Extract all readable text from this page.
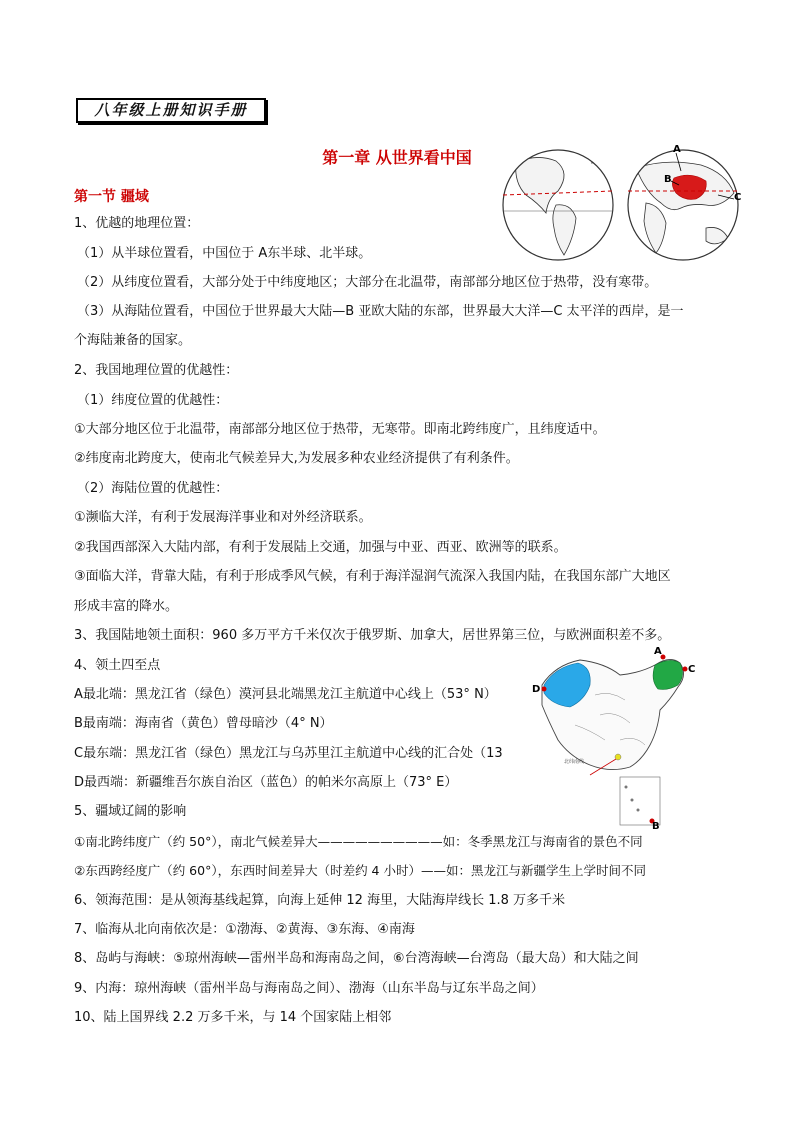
八年级上册知识手册
第一章 从世界看中国
第一节 疆域
A
B
C
A
B
C
D
北纬南线
1、优越的地理位置：
（1）从半球位置看，中国位于 A东半球、北半球。
（2）从纬度位置看，大部分处于中纬度地区；大部分在北温带，南部部分地区位于热带，没有寒带。
（3）从海陆位置看，中国位于世界最大大陆—B 亚欧大陆的东部，世界最大大洋—C 太平洋的西岸，是一
个海陆兼备的国家。
2、我国地理位置的优越性：
（1）纬度位置的优越性：
①大部分地区位于北温带，南部部分地区位于热带，无寒带。即南北跨纬度广，且纬度适中。
②纬度南北跨度大，使南北气候差异大,为发展多种农业经济提供了有利条件。
（2）海陆位置的优越性：
①濒临大洋，有利于发展海洋事业和对外经济联系。
②我国西部深入大陆内部，有利于发展陆上交通，加强与中亚、西亚、欧洲等的联系。
③面临大洋，背靠大陆，有利于形成季风气候，有利于海洋湿润气流深入我国内陆，在我国东部广大地区
形成丰富的降水。
3、我国陆地领土面积：960 多万平方千米仅次于俄罗斯、加拿大，居世界第三位，与欧洲面积差不多。
4、领土四至点
A最北端：黑龙江省（绿色）漠河县北端黑龙江主航道中心线上（53° N）
B最南端：海南省（黄色）曾母暗沙（4° N）
C最东端：黑龙江省（绿色）黑龙江与乌苏里江主航道中心线的汇合处（13
D最西端：新疆维吾尔族自治区（蓝色）的帕米尔高原上（73° E）
5、疆域辽阔的影响
①南北跨纬度广（约 50°），南北气候差异大——————————如：冬季黑龙江与海南省的景色不同
②东西跨经度广（约 60°），东西时间差异大（时差约 4 小时）——如：黑龙江与新疆学生上学时间不同
6、领海范围：是从领海基线起算，向海上延伸 12 海里，大陆海岸线长 1.8 万多千米
7、临海从北向南依次是：①渤海、②黄海、③东海、④南海
8、岛屿与海峡：⑤琼州海峡—雷州半岛和海南岛之间，⑥台湾海峡—台湾岛（最大岛）和大陆之间
9、内海：琼州海峡（雷州半岛与海南岛之间）、渤海（山东半岛与辽东半岛之间）
10、陆上国界线 2.2 万多千米，与 14 个国家陆上相邻
